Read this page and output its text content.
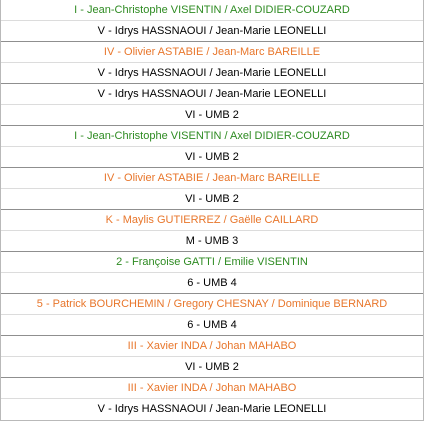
I - Jean-Christophe VISENTIN / Axel DIDIER-COUZARD
V - Idrys HASSNAOUI / Jean-Marie LEONELLI
IV - Olivier ASTABIE / Jean-Marc BAREILLE
V - Idrys HASSNAOUI / Jean-Marie LEONELLI
V - Idrys HASSNAOUI / Jean-Marie LEONELLI
VI - UMB 2
I - Jean-Christophe VISENTIN / Axel DIDIER-COUZARD
VI - UMB 2
IV - Olivier ASTABIE / Jean-Marc BAREILLE
VI - UMB 2
K - Maylis GUTIERREZ / Gaëlle CAILLARD
M - UMB 3
2 - Françoise GATTI / Emilie VISENTIN
6 - UMB 4
5 - Patrick BOURCHEMIN / Gregory CHESNAY / Dominique BERNARD
6 - UMB 4
III - Xavier INDA / Johan MAHABO
VI - UMB 2
III - Xavier INDA / Johan MAHABO
V - Idrys HASSNAOUI / Jean-Marie LEONELLI
